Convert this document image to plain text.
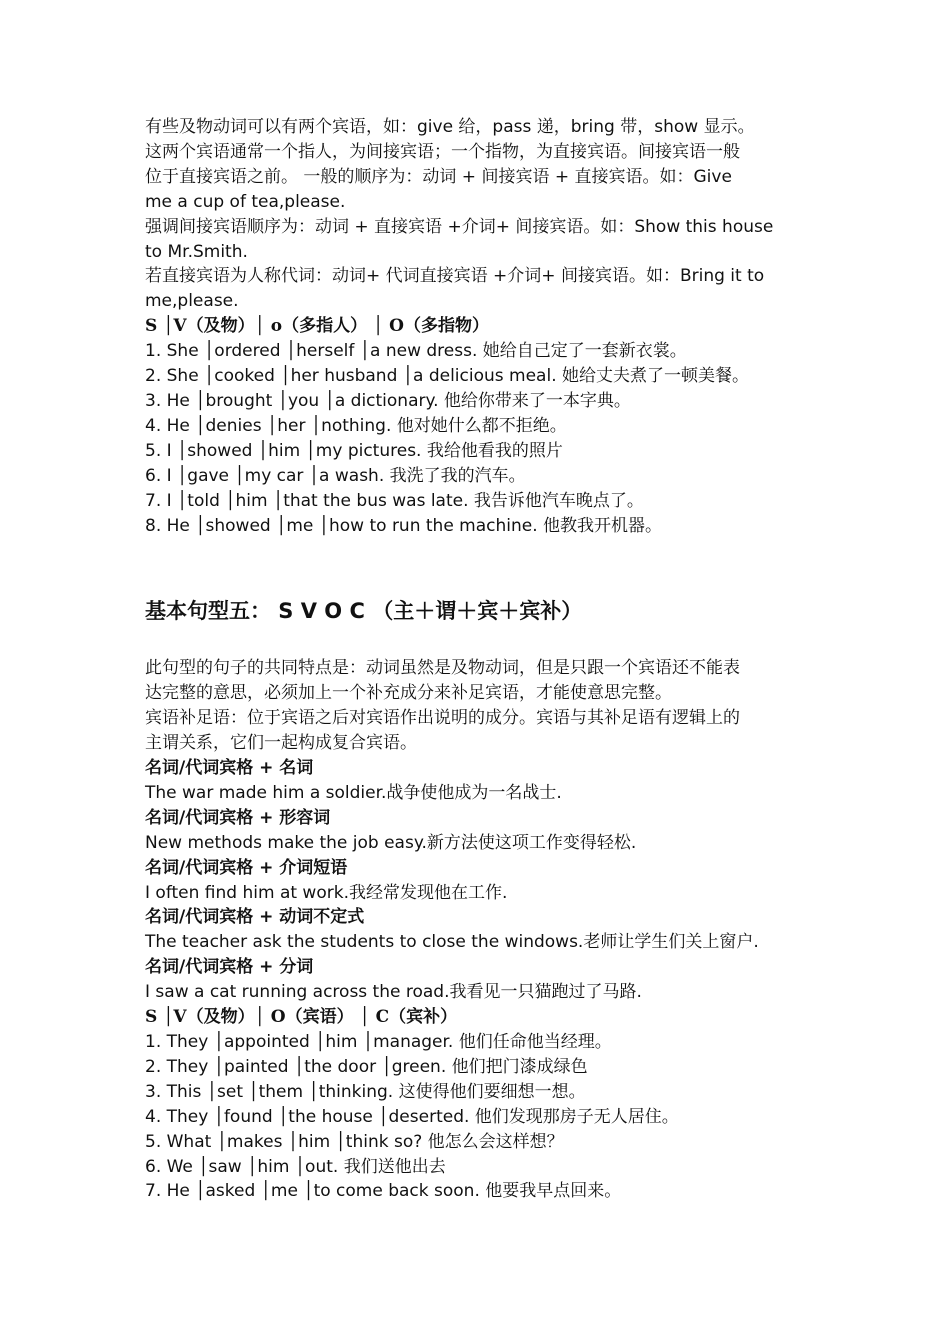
有些及物动词可以有两个宾语，如：give 给，pass 递，bring 带，show 显示。
这两个宾语通常一个指人，为间接宾语；一个指物，为直接宾语。间接宾语一般
位于直接宾语之前。 一般的顺序为：动词 + 间接宾语 + 直接宾语。如：Give
me a cup of tea,please.
强调间接宾语顺序为：动词 + 直接宾语 +介词+ 间接宾语。如：Show this house
to Mr.Smith.
若直接宾语为人称代词：动词+ 代词直接宾语 +介词+ 间接宾语。如：Bring it to
me,please.
S │V（及物）│ o（多指人） │ O（多指物）
1. She │ordered │herself │a new dress. 她给自己定了一套新衣裳。
2. She │cooked │her husband │a delicious meal. 她给丈夫煮了一顿美餐。
3. He │brought │you │a dictionary. 他给你带来了一本字典。
4. He │denies │her │nothing. 他对她什么都不拒绝。
5. I │showed │him │my pictures. 我给他看我的照片
6. I │gave │my car │a wash. 我洗了我的汽车。
7. I │told │him │that the bus was late. 我告诉他汽车晚点了。
8. He │showed │me │how to run the machine. 他教我开机器。
基本句型五： S V O C （主＋谓＋宾＋宾补）
此句型的句子的共同特点是：动词虽然是及物动词，但是只跟一个宾语还不能表
达完整的意思，必须加上一个补充成分来补足宾语，才能使意思完整。
宾语补足语：位于宾语之后对宾语作出说明的成分。宾语与其补足语有逻辑上的
主谓关系，它们一起构成复合宾语。
名词/代词宾格 + 名词
The war made him a soldier.战争使他成为一名战士.
名词/代词宾格 + 形容词
New methods make the job easy.新方法使这项工作变得轻松.
名词/代词宾格 + 介词短语
I often find him at work.我经常发现他在工作.
名词/代词宾格 + 动词不定式
The teacher ask the students to close the windows.老师让学生们关上窗户.
名词/代词宾格 + 分词
I saw a cat running across the road.我看见一只猫跑过了马路.
S │V（及物）│ O（宾语） │ C（宾补）
1. They │appointed │him │manager. 他们任命他当经理。
2. They │painted │the door │green. 他们把门漆成绿色
3. This │set │them │thinking. 这使得他们要细想一想。
4. They │found │the house │deserted. 他们发现那房子无人居住。
5. What │makes │him │think so? 他怎么会这样想？
6. We │saw │him │out. 我们送他出去
7. He │asked │me │to come back soon. 他要我早点回来。
